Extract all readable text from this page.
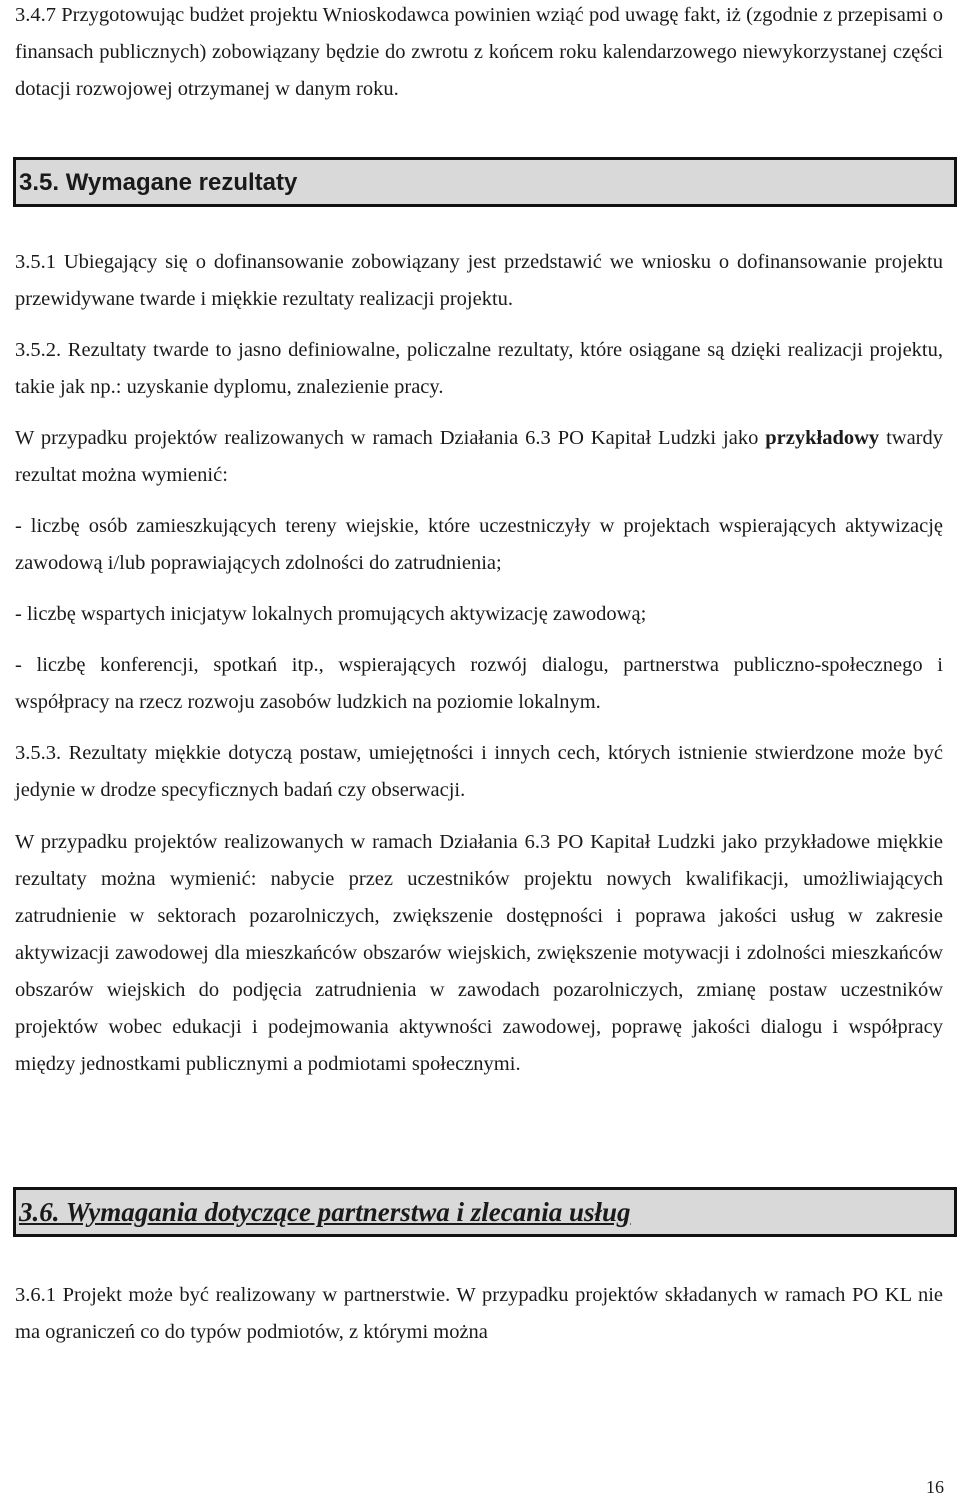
3.4.7 Przygotowując budżet projektu Wnioskodawca powinien wziąć pod uwagę fakt, iż (zgodnie z przepisami o finansach publicznych) zobowiązany będzie do zwrotu z końcem roku kalendarzowego niewykorzystanej części dotacji rozwojowej otrzymanej w danym roku.

3.5. Wymagane rezultaty

3.5.1 Ubiegający się o dofinansowanie zobowiązany jest przedstawić we wniosku o dofinansowanie projektu przewidywane twarde i miękkie rezultaty realizacji projektu.

3.5.2. Rezultaty twarde to jasno definiowalne, policzalne rezultaty, które osiągane są dzięki realizacji projektu, takie jak np.: uzyskanie dyplomu, znalezienie pracy.

W przypadku projektów realizowanych w ramach Działania 6.3 PO Kapitał Ludzki jako przykładowy twardy rezultat można wymienić:

- liczbę osób zamieszkujących tereny wiejskie, które uczestniczyły w projektach wspierających aktywizację zawodową i/lub poprawiających zdolności do zatrudnienia;

- liczbę wspartych inicjatyw lokalnych promujących aktywizację zawodową;

- liczbę konferencji, spotkań itp., wspierających rozwój dialogu, partnerstwa publiczno-społecznego i współpracy na rzecz rozwoju zasobów ludzkich na poziomie lokalnym.

3.5.3. Rezultaty miękkie dotyczą postaw, umiejętności i innych cech, których istnienie stwierdzone może być jedynie w drodze specyficznych badań czy obserwacji.

W przypadku projektów realizowanych w ramach Działania 6.3 PO Kapitał Ludzki jako przykładowe miękkie rezultaty można wymienić: nabycie przez uczestników projektu nowych kwalifikacji, umożliwiających zatrudnienie w sektorach pozarolniczych, zwiększenie dostępności i poprawa jakości usług w zakresie aktywizacji zawodowej dla mieszkańców obszarów wiejskich, zwiększenie motywacji i zdolności mieszkańców obszarów wiejskich do podjęcia zatrudnienia w zawodach pozarolniczych, zmianę postaw uczestników projektów wobec edukacji i podejmowania aktywności zawodowej, poprawę jakości dialogu i współpracy między jednostkami publicznymi a podmiotami społecznymi.

3.6. Wymagania dotyczące partnerstwa i zlecania usług

3.6.1 Projekt może być realizowany w partnerstwie. W przypadku projektów składanych w ramach PO KL nie ma ograniczeń co do typów podmiotów, z którymi można

16
